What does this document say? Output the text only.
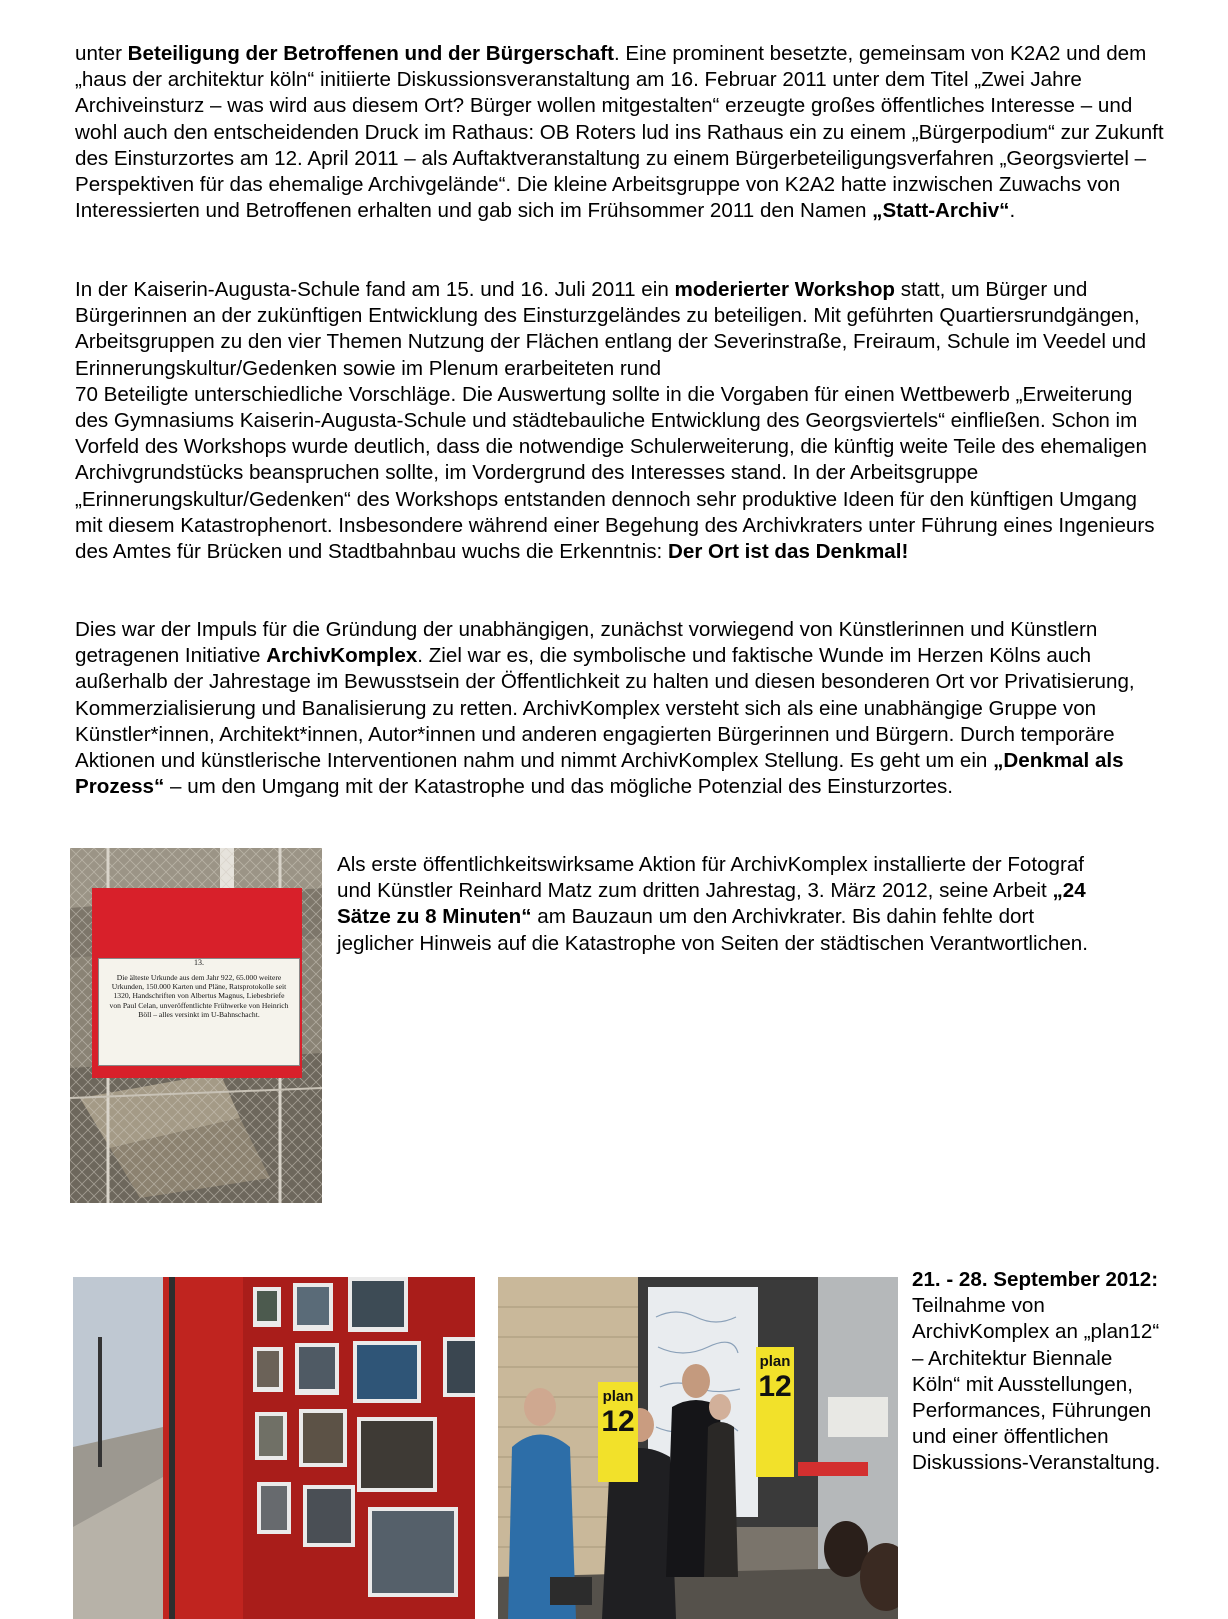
unter Beteiligung der Betroffenen und der Bürgerschaft. Eine prominent besetzte, gemeinsam von K2A2 und dem „haus der architektur köln“ initiierte Diskussionsveranstaltung am 16. Februar 2011 unter dem Titel „Zwei Jahre Archiveinsturz – was wird aus diesem Ort? Bürger wollen mitgestalten“ erzeugte großes öffentliches Interesse – und wohl auch den entscheidenden Druck im Rathaus: OB Roters lud ins Rathaus ein zu einem „Bürgerpodium“ zur Zukunft des Einsturzortes am 12. April 2011 – als Auftaktveranstaltung zu einem Bürgerbeteiligungsverfahren „Georgsviertel – Perspektiven für das ehemalige Archivgelände“. Die kleine Arbeitsgruppe von K2A2 hatte inzwischen Zuwachs von Interessierten und Betroffenen erhalten und gab sich im Frühsommer 2011 den Namen „Statt-Archiv“.

In der Kaiserin-Augusta-Schule fand am 15. und 16. Juli 2011 ein moderierter Workshop statt, um Bürger und Bürgerinnen an der zukünftigen Entwicklung des Einsturzgeländes zu beteiligen. Mit geführten Quartiersrundgängen, Arbeitsgruppen zu den vier Themen Nutzung der Flächen entlang der Severinstraße, Freiraum, Schule im Veedel und Erinnerungskultur/Gedenken sowie im Plenum erarbeiteten rund
70 Beteiligte unterschiedliche Vorschläge. Die Auswertung sollte in die Vorgaben für einen Wettbewerb „Erweiterung des Gymnasiums Kaiserin-Augusta-Schule und städtebauliche Entwicklung des Georgsviertels“ einfließen. Schon im Vorfeld des Workshops wurde deutlich, dass die notwendige Schulerweiterung, die künftig weite Teile des ehemaligen Archivgrundstücks beanspruchen sollte, im Vordergrund des Interesses stand. In der Arbeitsgruppe „Erinnerungskultur/Gedenken“ des Workshops entstanden dennoch sehr produktive Ideen für den künftigen Umgang mit diesem Katastrophenort. Insbesondere während einer Begehung des Archivkraters unter Führung eines Ingenieurs des Amtes für Brücken und Stadtbahnbau wuchs die Erkenntnis: Der Ort ist das Denkmal!

Dies war der Impuls für die Gründung der unabhängigen, zunächst vorwiegend von Künstlerinnen und Künstlern getragenen Initiative ArchivKomplex. Ziel war es, die symbolische und faktische Wunde im Herzen Kölns auch außerhalb der Jahrestage im Bewusstsein der Öffentlichkeit zu halten und diesen besonderen Ort vor Privatisierung, Kommerzialisierung und Banalisierung zu retten. ArchivKomplex versteht sich als eine unabhängige Gruppe von Künstler*innen, Architekt*innen, Autor*innen und anderen engagierten Bürgerinnen und Bürgern. Durch temporäre Aktionen und künstlerische Interventionen nahm und nimmt ArchivKomplex Stellung. Es geht um ein „Denkmal als Prozess“ – um den Umgang mit der Katastrophe und das mögliche Potenzial des Einsturzortes.

13.
Die älteste Urkunde aus dem Jahr 922, 65.000 weitere Urkunden, 150.000 Karten und Pläne, Ratsprotokolle seit 1320, Handschriften von Albertus Magnus, Liebesbriefe von Paul Celan, unveröffentlichte Frühwerke von Heinrich Böll – alles versinkt im U-Bahnschacht.

Als erste öffentlichkeitswirksame Aktion für ArchivKomplex installierte der Fotograf und Künstler Reinhard Matz zum dritten Jahrestag, 3. März 2012, seine Arbeit „24 Sätze zu 8 Minuten“ am Bauzaun um den Archivkrater. Bis dahin fehlte dort jeglicher Hinweis auf die Katastrophe von Seiten der städtischen Verantwortlichen.

plan
12
plan
12

21. - 28. September 2012: Teilnahme von ArchivKomplex an „plan12“ – Architektur Biennale Köln“ mit Ausstellungen, Performances, Führungen und einer öffentlichen Diskussions-Veranstaltung.
